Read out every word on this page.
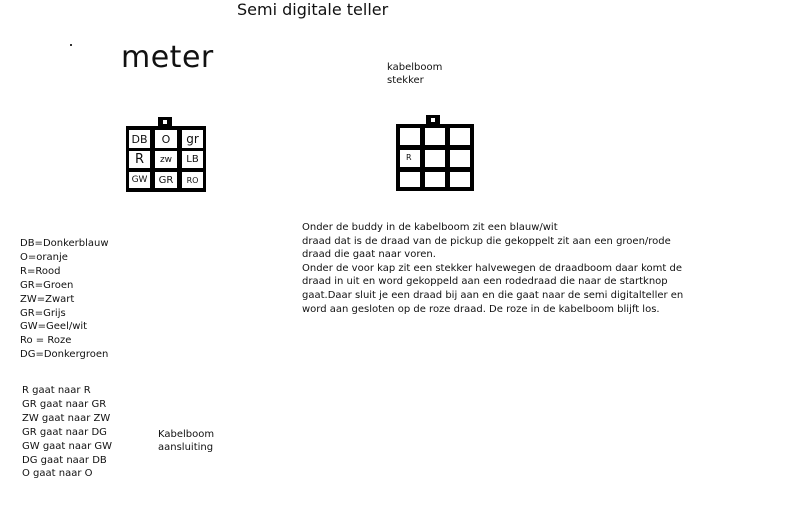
Semi digitale teller
meter	kabelboom
stekker
DB	O	gr
R	zw	LB
GW	GR	RO
R
DB=Donkerblauw
O=oranje
R=Rood
GR=Groen
ZW=Zwart
GR=Grijs
GW=Geel/wit
Ro = Roze
DG=Donkergroen
R gaat naar R
GR gaat naar GR
ZW gaat naar ZW
GR gaat naar DG
GW gaat naar GW
DG gaat naar DB
O gaat naar O
Onder de buddy in de kabelboom zit een blauw/wit
draad dat is de draad van de pickup die gekoppelt zit aan een groen/rode
draad die gaat naar voren.
Onder de voor kap zit een stekker halvewegen de draadboom daar komt de
draad in uit en word gekoppeld aan een rodedraad die naar de startknop
gaat.Daar sluit je een draad bij aan en die gaat naar de semi digitalteller en
word aan gesloten op de roze draad. De roze in de kabelboom blijft los.
Kabelboom
aansluiting
